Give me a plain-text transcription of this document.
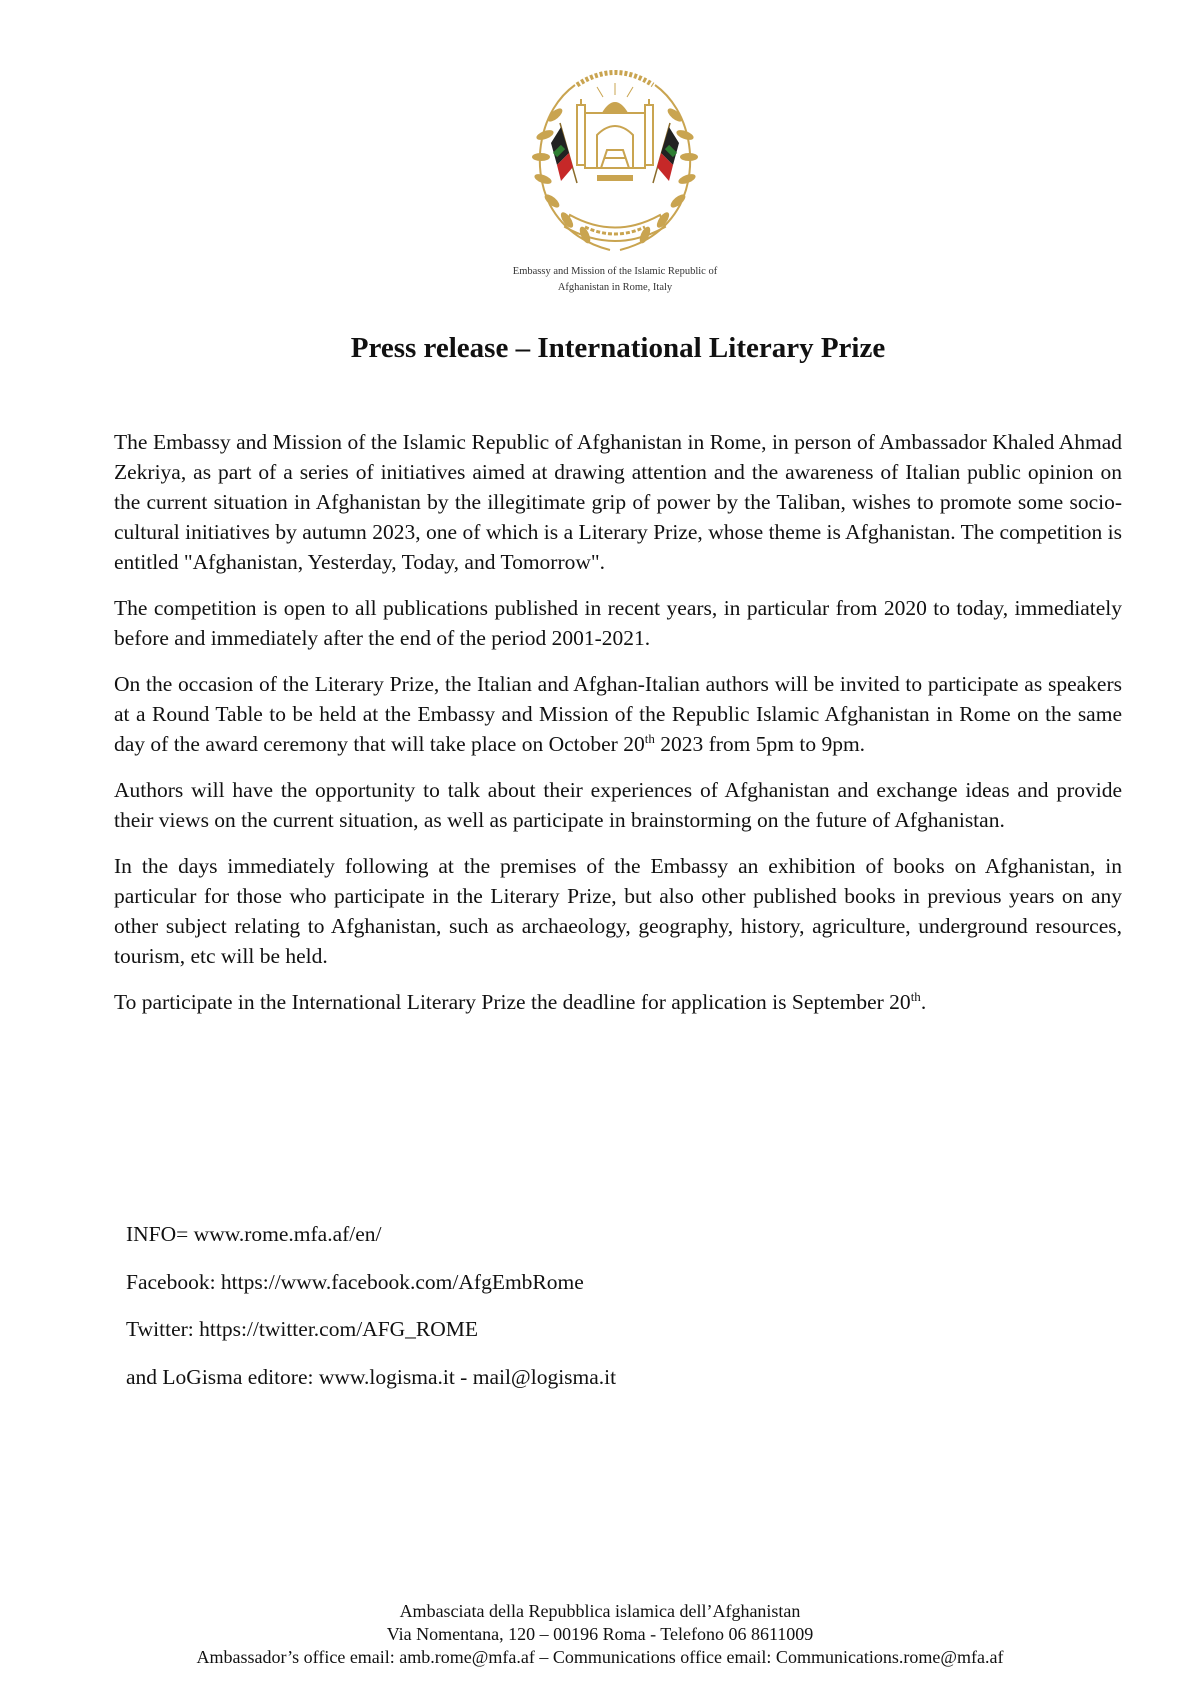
Embassy and Mission of the Islamic Republic of
Afghanistan in Rome, Italy
Press release – International Literary Prize

The Embassy and Mission of the Islamic Republic of Afghanistan in Rome, in person of Ambassador Khaled Ahmad Zekriya, as part of a series of initiatives aimed at drawing attention and the awareness of Italian public opinion on the current situation in Afghanistan by the illegitimate grip of power by the Taliban, wishes to promote some socio-cultural initiatives by autumn 2023, one of which is a Literary Prize, whose theme is Afghanistan. The competition is entitled "Afghanistan, Yesterday, Today, and Tomorrow".

The competition is open to all publications published in recent years, in particular from 2020 to today, immediately before and immediately after the end of the period 2001-2021.

On the occasion of the Literary Prize, the Italian and Afghan-Italian authors will be invited to participate as speakers at a Round Table to be held at the Embassy and Mission of the Republic Islamic Afghanistan in Rome on the same day of the award ceremony that will take place on October 20th 2023 from 5pm to 9pm.

Authors will have the opportunity to talk about their experiences of Afghanistan and exchange ideas and provide their views on the current situation, as well as participate in brainstorming on the future of Afghanistan.

In the days immediately following at the premises of the Embassy an exhibition of books on Afghanistan, in particular for those who participate in the Literary Prize, but also other published books in previous years on any other subject relating to Afghanistan, such as archaeology, geography, history, agriculture, underground resources, tourism, etc will be held.

To participate in the International Literary Prize the deadline for application is September 20th.

INFO= www.rome.mfa.af/en/

Facebook: https://www.facebook.com/AfgEmbRome

Twitter: https://twitter.com/AFG_ROME

and LoGisma editore: www.logisma.it - mail@logisma.it

Ambasciata della Repubblica islamica dell’Afghanistan
Via Nomentana, 120 – 00196 Roma - Telefono 06 8611009
Ambassador’s office email: amb.rome@mfa.af – Communications office email: Communications.rome@mfa.af
